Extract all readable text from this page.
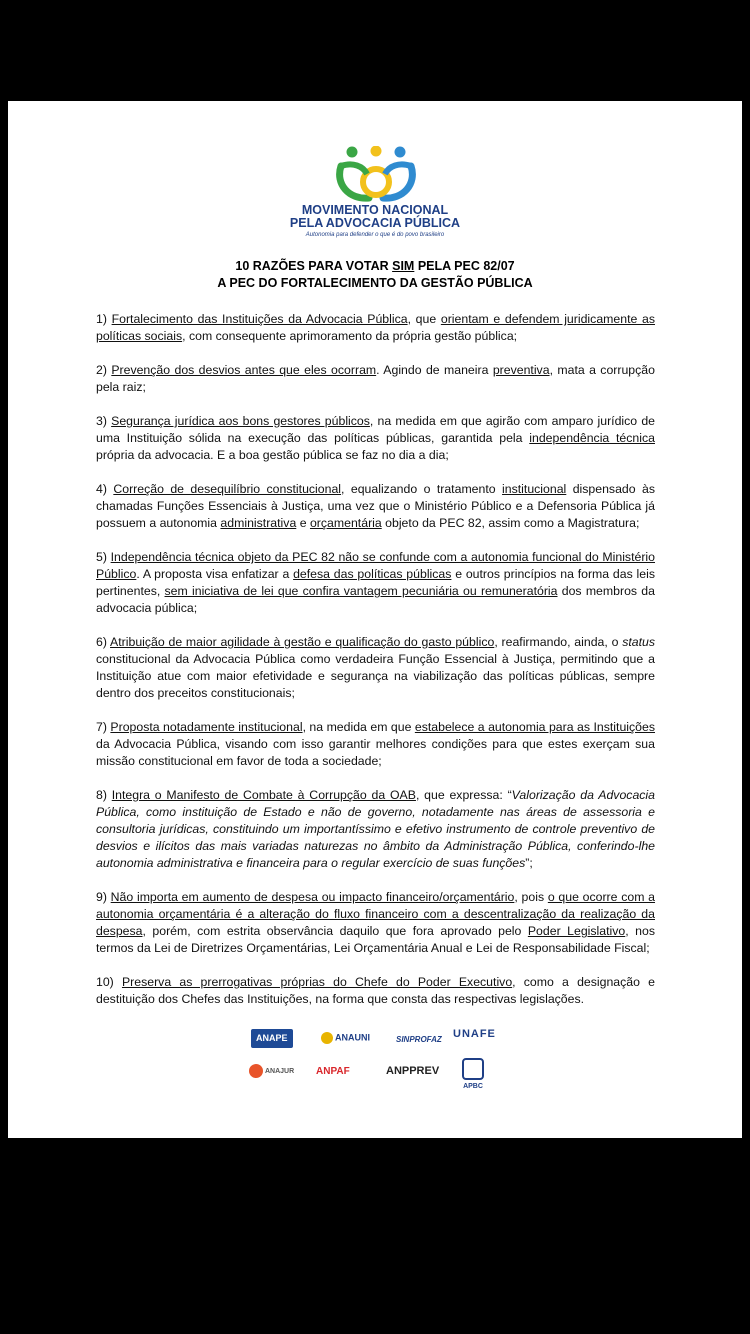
MOVIMENTO NACIONAL
PELA ADVOCACIA PÚBLICA
Autonomia para defender o que é do povo brasileiro
10 RAZÕES PARA VOTAR SIM PELA PEC 82/07
A PEC DO FORTALECIMENTO DA GESTÃO PÚBLICA

1) Fortalecimento das Instituições da Advocacia Pública, que orientam e defendem juridicamente as políticas sociais, com consequente aprimoramento da própria gestão pública;

2) Prevenção dos desvios antes que eles ocorram. Agindo de maneira preventiva, mata a corrupção pela raiz;

3) Segurança jurídica aos bons gestores públicos, na medida em que agirão com amparo jurídico de uma Instituição sólida na execução das políticas públicas, garantida pela independência técnica própria da advocacia. E a boa gestão pública se faz no dia a dia;

4) Correção de desequilíbrio constitucional, equalizando o tratamento institucional dispensado às chamadas Funções Essenciais à Justiça, uma vez que o Ministério Público e a Defensoria Pública já possuem a autonomia administrativa e orçamentária objeto da PEC 82, assim como a Magistratura;

5) Independência técnica objeto da PEC 82 não se confunde com a autonomia funcional do Ministério Público. A proposta visa enfatizar a defesa das políticas públicas e outros princípios na forma das leis pertinentes, sem iniciativa de lei que confira vantagem pecuniária ou remuneratória dos membros da advocacia pública;

6) Atribuição de maior agilidade à gestão e qualificação do gasto público, reafirmando, ainda, o status constitucional da Advocacia Pública como verdadeira Função Essencial à Justiça, permitindo que a Instituição atue com maior efetividade e segurança na viabilização das políticas públicas, sempre dentro dos preceitos constitucionais;

7) Proposta notadamente institucional, na medida em que estabelece a autonomia para as Instituições da Advocacia Pública, visando com isso garantir melhores condições para que estes exerçam sua missão constitucional em favor de toda a sociedade;

8) Integra o Manifesto de Combate à Corrupção da OAB, que expressa: “Valorização da Advocacia Pública, como instituição de Estado e não de governo, notadamente nas áreas de assessoria e consultoria jurídicas, constituindo um importantíssimo e efetivo instrumento de controle preventivo de desvios e ilícitos das mais variadas naturezas no âmbito da Administração Pública, conferindo-lhe autonomia administrativa e financeira para o regular exercício de suas funções”;

9) Não importa em aumento de despesa ou impacto financeiro/orçamentário, pois o que ocorre com a autonomia orçamentária é a alteração do fluxo financeiro com a descentralização da realização da despesa, porém, com estrita observância daquilo que fora aprovado pelo Poder Legislativo, nos termos da Lei de Diretrizes Orçamentárias, Lei Orçamentária Anual e Lei de Responsabilidade Fiscal;

10) Preserva as prerrogativas próprias do Chefe do Poder Executivo, como a designação e destituição dos Chefes das Instituições, na forma que consta das respectivas legislações.

ANAPE	ANAUNI	SINPROFAZ UNAFE
ANAJUR ANPAF	ANPPREV
APBC
